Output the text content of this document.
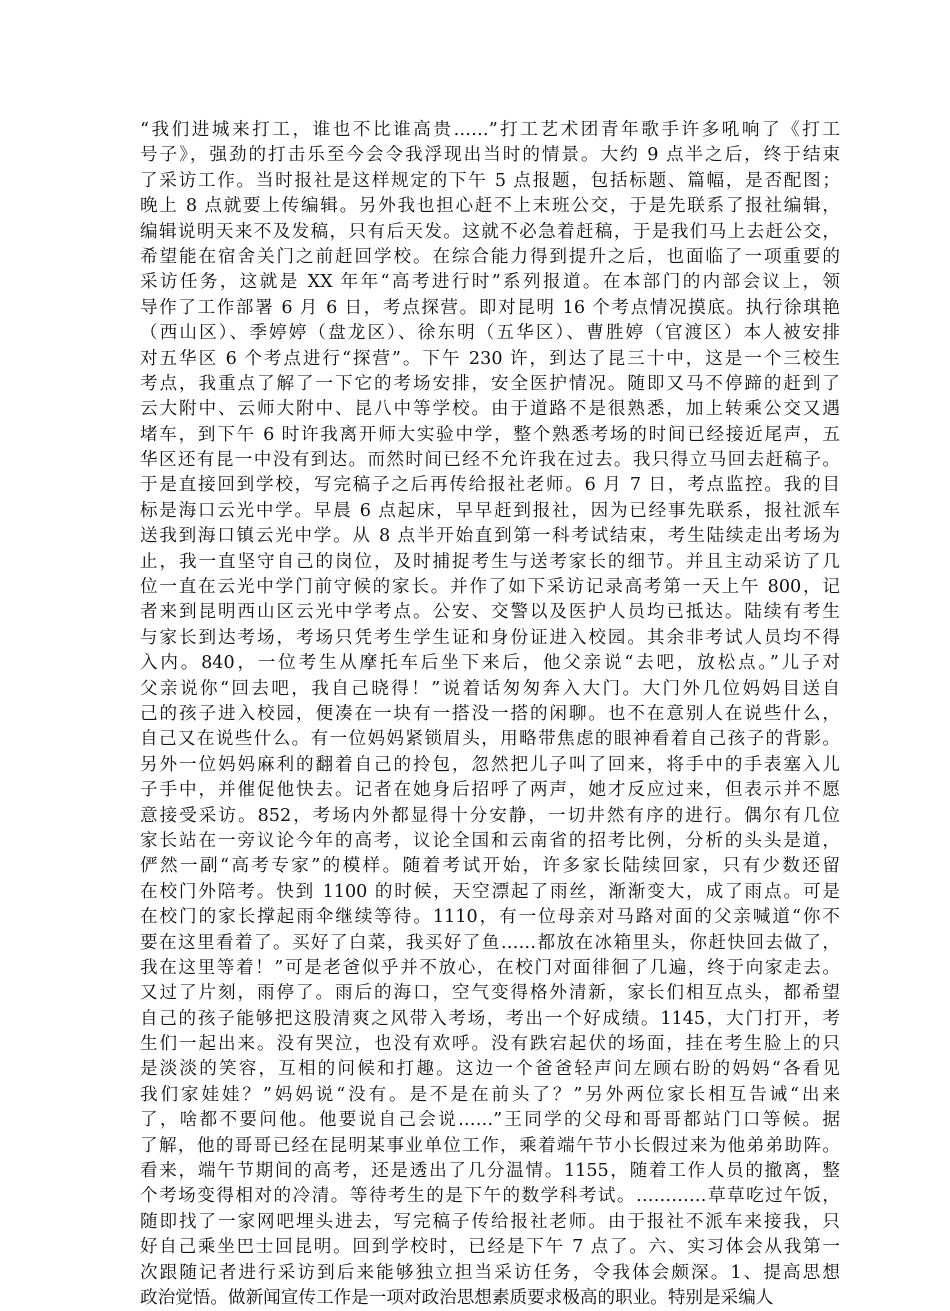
“我们进城来打工，谁也不比谁高贵……”打工艺术团青年歌手许多吼响了《打工
号子》，强劲的打击乐至今会令我浮现出当时的情景。大约 9 点半之后，终于结束
了采访工作。当时报社是这样规定的下午 5 点报题，包括标题、篇幅，是否配图；
晚上 8 点就要上传编辑。另外我也担心赶不上末班公交，于是先联系了报社编辑，
编辑说明天来不及发稿，只有后天发。这就不必急着赶稿，于是我们马上去赶公交，
希望能在宿舍关门之前赶回学校。在综合能力得到提升之后，也面临了一项重要的
采访任务，这就是 XX 年年“高考进行时”系列报道。在本部门的内部会议上，领
导作了工作部署 6 月 6 日，考点探营。即对昆明 16 个考点情况摸底。执行徐琪艳
（西山区）、季婷婷（盘龙区）、徐东明（五华区）、曹胜婷（官渡区）本人被安排
对五华区 6 个考点进行“探营”。下午 230 许，到达了昆三十中，这是一个三校生
考点，我重点了解了一下它的考场安排，安全医护情况。随即又马不停蹄的赶到了
云大附中、云师大附中、昆八中等学校。由于道路不是很熟悉，加上转乘公交又遇
堵车，到下午 6 时许我离开师大实验中学，整个熟悉考场的时间已经接近尾声，五
华区还有昆一中没有到达。而然时间已经不允许我在过去。我只得立马回去赶稿子。
于是直接回到学校，写完稿子之后再传给报社老师。6 月 7 日，考点监控。我的目
标是海口云光中学。早晨 6 点起床，早早赶到报社，因为已经事先联系，报社派车
送我到海口镇云光中学。从 8 点半开始直到第一科考试结束，考生陆续走出考场为
止，我一直坚守自己的岗位，及时捕捉考生与送考家长的细节。并且主动采访了几
位一直在云光中学门前守候的家长。并作了如下采访记录高考第一天上午 800，记
者来到昆明西山区云光中学考点。公安、交警以及医护人员均已抵达。陆续有考生
与家长到达考场，考场只凭考生学生证和身份证进入校园。其余非考试人员均不得
入内。840，一位考生从摩托车后坐下来后，他父亲说“去吧，放松点。”儿子对
父亲说你“回去吧，我自己晓得！”说着话匆匆奔入大门。大门外几位妈妈目送自
己的孩子进入校园，便凑在一块有一搭没一搭的闲聊。也不在意别人在说些什么，
自己又在说些什么。有一位妈妈紧锁眉头，用略带焦虑的眼神看着自己孩子的背影。
另外一位妈妈麻利的翻着自己的拎包，忽然把儿子叫了回来，将手中的手表塞入儿
子手中，并催促他快去。记者在她身后招呼了两声，她才反应过来，但表示并不愿
意接受采访。852，考场内外都显得十分安静，一切井然有序的进行。偶尔有几位
家长站在一旁议论今年的高考，议论全国和云南省的招考比例，分析的头头是道，
俨然一副“高考专家”的模样。随着考试开始，许多家长陆续回家，只有少数还留
在校门外陪考。快到 1100 的时候，天空漂起了雨丝，渐渐变大，成了雨点。可是
在校门的家长撑起雨伞继续等待。1110，有一位母亲对马路对面的父亲喊道“你不
要在这里看着了。买好了白菜，我买好了鱼……都放在冰箱里头，你赶快回去做了，
我在这里等着！”可是老爸似乎并不放心，在校门对面徘徊了几遍，终于向家走去。
又过了片刻，雨停了。雨后的海口，空气变得格外清新，家长们相互点头，都希望
自己的孩子能够把这股清爽之风带入考场，考出一个好成绩。1145，大门打开，考
生们一起出来。没有哭泣，也没有欢呼。没有跌宕起伏的场面，挂在考生脸上的只
是淡淡的笑容，互相的问候和打趣。这边一个爸爸轻声问左顾右盼的妈妈“各看见
我们家娃娃？”妈妈说“没有。是不是在前头了？”另外两位家长相互告诫“出来
了，啥都不要问他。他要说自己会说……”王同学的父母和哥哥都站门口等候。据
了解，他的哥哥已经在昆明某事业单位工作，乘着端午节小长假过来为他弟弟助阵。
看来，端午节期间的高考，还是透出了几分温情。1155，随着工作人员的撤离，整
个考场变得相对的冷清。等待考生的是下午的数学科考试。…………草草吃过午饭，
随即找了一家网吧埋头进去，写完稿子传给报社老师。由于报社不派车来接我，只
好自己乘坐巴士回昆明。回到学校时，已经是下午 7 点了。六、实习体会从我第一
次跟随记者进行采访到后来能够独立担当采访任务，令我体会颇深。1、提高思想
政治觉悟。做新闻宣传工作是一项对政治思想素质要求极高的职业。特别是采编人
